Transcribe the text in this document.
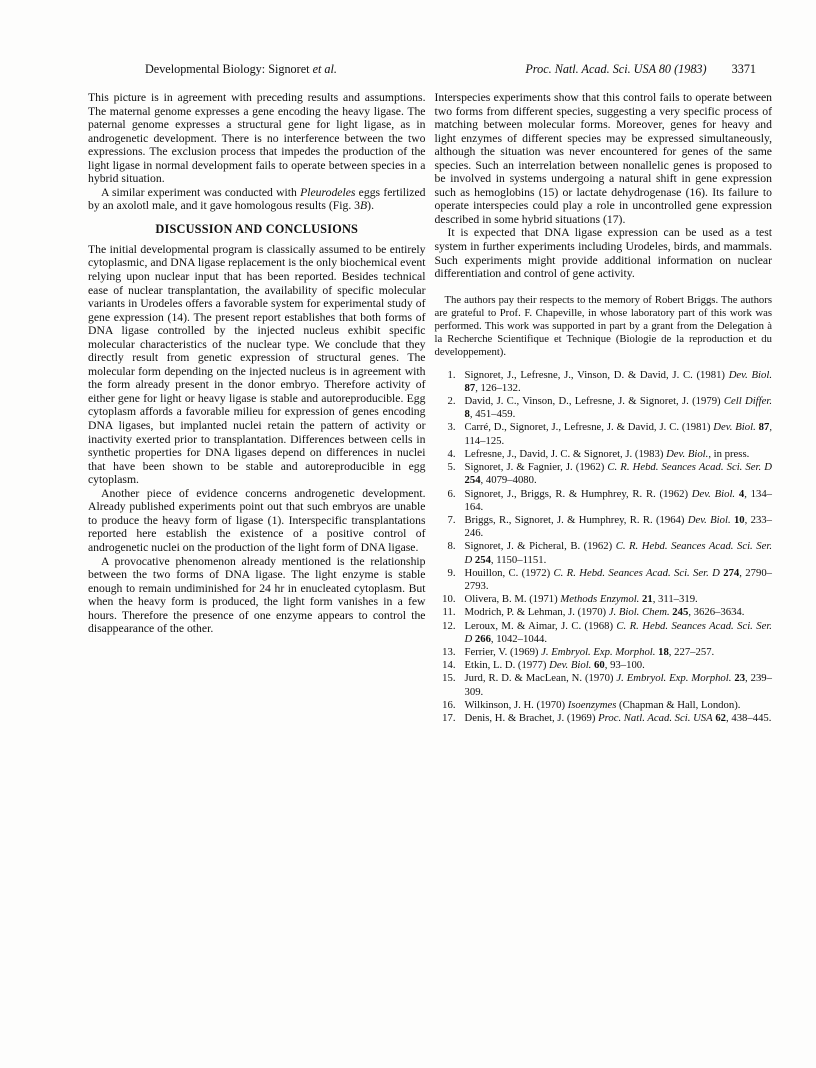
Developmental Biology: Signoret et al.	Proc. Natl. Acad. Sci. USA 80 (1983) 3371

This picture is in agreement with preceding results and assumptions. The maternal genome expresses a gene encoding the heavy ligase. The paternal genome expresses a structural gene for light ligase, as in androgenetic development. There is no interference between the two expressions. The exclusion process that impedes the production of the light ligase in normal development fails to operate between species in a hybrid situation.

A similar experiment was conducted with Pleurodeles eggs fertilized by an axolotl male, and it gave homologous results (Fig. 3B).

DISCUSSION AND CONCLUSIONS

The initial developmental program is classically assumed to be entirely cytoplasmic, and DNA ligase replacement is the only biochemical event relying upon nuclear input that has been reported. Besides technical ease of nuclear transplantation, the availability of specific molecular variants in Urodeles offers a favorable system for experimental study of gene expression (14). The present report establishes that both forms of DNA ligase controlled by the injected nucleus exhibit specific molecular characteristics of the nuclear type. We conclude that they directly result from genetic expression of structural genes. The molecular form depending on the injected nucleus is in agreement with the form already present in the donor embryo. Therefore activity of either gene for light or heavy ligase is stable and autoreproducible. Egg cytoplasm affords a favorable milieu for expression of genes encoding DNA ligases, but implanted nuclei retain the pattern of activity or inactivity exerted prior to transplantation. Differences between cells in synthetic properties for DNA ligases depend on differences in nuclei that have been shown to be stable and autoreproducible in egg cytoplasm.

Another piece of evidence concerns androgenetic development. Already published experiments point out that such embryos are unable to produce the heavy form of ligase (1). Interspecific transplantations reported here establish the existence of a positive control of androgenetic nuclei on the production of the light form of DNA ligase.

A provocative phenomenon already mentioned is the relationship between the two forms of DNA ligase. The light enzyme is stable enough to remain undiminished for 24 hr in enucleated cytoplasm. But when the heavy form is produced, the light form vanishes in a few hours. Therefore the presence of one enzyme appears to control the disappearance of the other.

Interspecies experiments show that this control fails to operate between two forms from different species, suggesting a very specific process of matching between molecular forms. Moreover, genes for heavy and light enzymes of different species may be expressed simultaneously, although the situation was never encountered for genes of the same species. Such an interrelation between nonallelic genes is proposed to be involved in systems undergoing a natural shift in gene expression such as hemoglobins (15) or lactate dehydrogenase (16). Its failure to operate interspecies could play a role in uncontrolled gene expression described in some hybrid situations (17).

It is expected that DNA ligase expression can be used as a test system in further experiments including Urodeles, birds, and mammals. Such experiments might provide additional information on nuclear differentiation and control of gene activity.

The authors pay their respects to the memory of Robert Briggs. The authors are grateful to Prof. F. Chapeville, in whose laboratory part of this work was performed. This work was supported in part by a grant from the Delegation à la Recherche Scientifique et Technique (Biologie de la reproduction et du developpement).

1. Signoret, J., Lefresne, J., Vinson, D. & David, J. C. (1981) Dev. Biol. 87, 126–132.
2. David, J. C., Vinson, D., Lefresne, J. & Signoret, J. (1979) Cell Differ. 8, 451–459.
3. Carré, D., Signoret, J., Lefresne, J. & David, J. C. (1981) Dev. Biol. 87, 114–125.
4. Lefresne, J., David, J. C. & Signoret, J. (1983) Dev. Biol., in press.
5. Signoret, J. & Fagnier, J. (1962) C. R. Hebd. Seances Acad. Sci. Ser. D 254, 4079–4080.
6. Signoret, J., Briggs, R. & Humphrey, R. R. (1962) Dev. Biol. 4, 134–164.
7. Briggs, R., Signoret, J. & Humphrey, R. R. (1964) Dev. Biol. 10, 233–246.
8. Signoret, J. & Picheral, B. (1962) C. R. Hebd. Seances Acad. Sci. Ser. D 254, 1150–1151.
9. Houillon, C. (1972) C. R. Hebd. Seances Acad. Sci. Ser. D 274, 2790–2793.
10. Olivera, B. M. (1971) Methods Enzymol. 21, 311–319.
11. Modrich, P. & Lehman, J. (1970) J. Biol. Chem. 245, 3626–3634.
12. Leroux, M. & Aimar, J. C. (1968) C. R. Hebd. Seances Acad. Sci. Ser. D 266, 1042–1044.
13. Ferrier, V. (1969) J. Embryol. Exp. Morphol. 18, 227–257.
14. Etkin, L. D. (1977) Dev. Biol. 60, 93–100.
15. Jurd, R. D. & MacLean, N. (1970) J. Embryol. Exp. Morphol. 23, 239–309.
16. Wilkinson, J. H. (1970) Isoenzymes (Chapman & Hall, London).
17. Denis, H. & Brachet, J. (1969) Proc. Natl. Acad. Sci. USA 62, 438–445.
